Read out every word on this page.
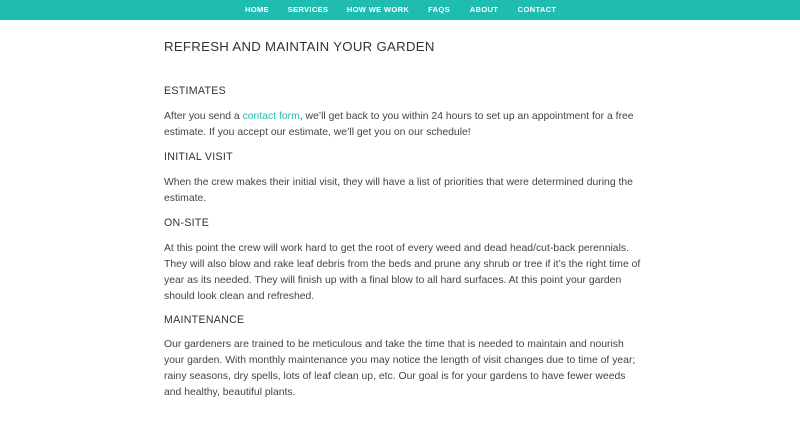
HOME SERVICES HOW WE WORK FAQS	ABOUT	CONTACT
REFRESH AND MAINTAIN YOUR GARDEN
ESTIMATES

After you send a contact form, we’ll get back to you within 24 hours to set up an appointment for a free estimate. If you accept our estimate, we’ll get you on our schedule!

INITIAL VISIT

When the crew makes their initial visit, they will have a list of priorities that were determined during the estimate.

ON-SITE

At this point the crew will work hard to get the root of every weed and dead head/cut-back perennials. They will also blow and rake leaf debris from the beds and prune any shrub or tree if it’s the right time of year as its needed. They will finish up with a final blow to all hard surfaces. At this point your garden should look clean and refreshed.

MAINTENANCE

Our gardeners are trained to be meticulous and take the time that is needed to maintain and nourish your garden. With monthly maintenance you may notice the length of visit changes due to time of year; rainy seasons, dry spells, lots of leaf clean up, etc. Our goal is for your gardens to have fewer weeds and healthy, beautiful plants.
